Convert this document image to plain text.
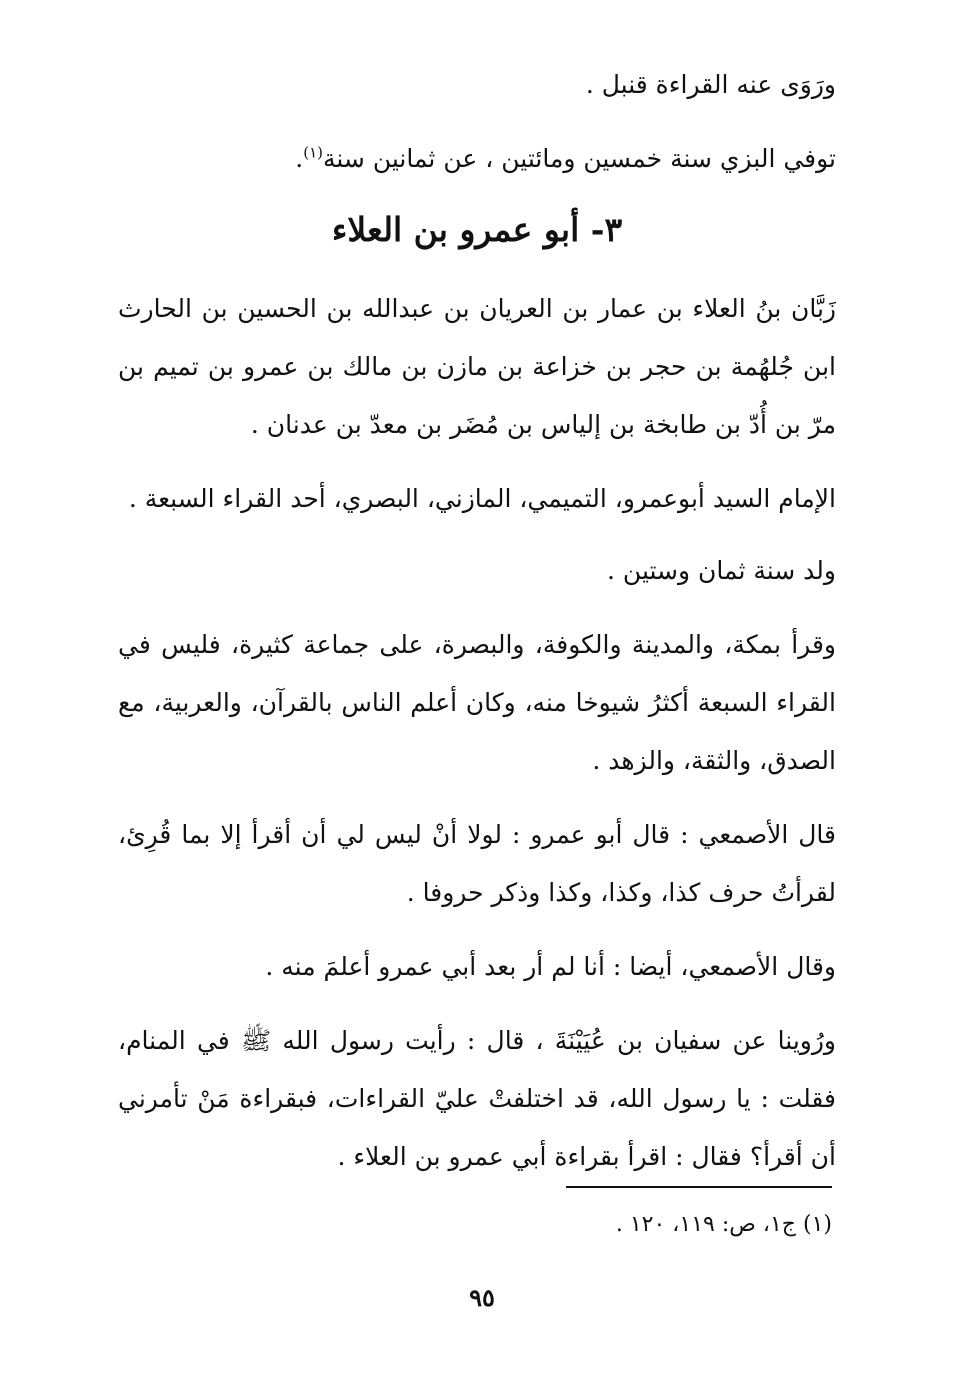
ورَوَى عنه القراءة قنبل .

توفي البزي سنة خمسين ومائتين ، عن ثمانين سنة$^{(١)}$.

٣- أبو عمرو بن العلاء

زَبَّان بنُ العلاء بن عمار بن العريان بن عبدالله بن الحسين بن الحارث ابن جُلهُمة بن حجر بن خزاعة بن مازن بن مالك بن عمرو بن تميم بن مرّ بن أُدّ بن طابخة بن إلياس بن مُضَر بن معدّ بن عدنان .

الإمام السيد أبوعمرو، التميمي، المازني، البصري، أحد القراء السبعة .

ولد سنة ثمان وستين .

وقرأ بمكة، والمدينة والكوفة، والبصرة، على جماعة كثيرة، فليس في القراء السبعة أكثرُ شيوخا منه، وكان أعلم الناس بالقرآن، والعربية، مع الصدق، والثقة، والزهد .

قال الأصمعي : قال أبو عمرو : لولا أنْ ليس لي أن أقرأ إلا بما قُرِئ، لقرأتُ حرف كذا، وكذا، وكذا وذكر حروفا .

وقال الأصمعي، أيضا : أنا لم أر بعد أبي عمرو أعلمَ منه .

ورُوينا عن سفيان بن عُيَيْنَةَ ، قال : رأيت رسول الله ﷺ في المنام، فقلت : يا رسول الله، قد اختلفتْ عليّ القراءات، فبقراءة مَنْ تأمرني أن أقرأ؟ فقال : اقرأ بقراءة أبي عمرو بن العلاء .

(١) ج١، ص: ١١٩، ١٢٠ .
٩٥
